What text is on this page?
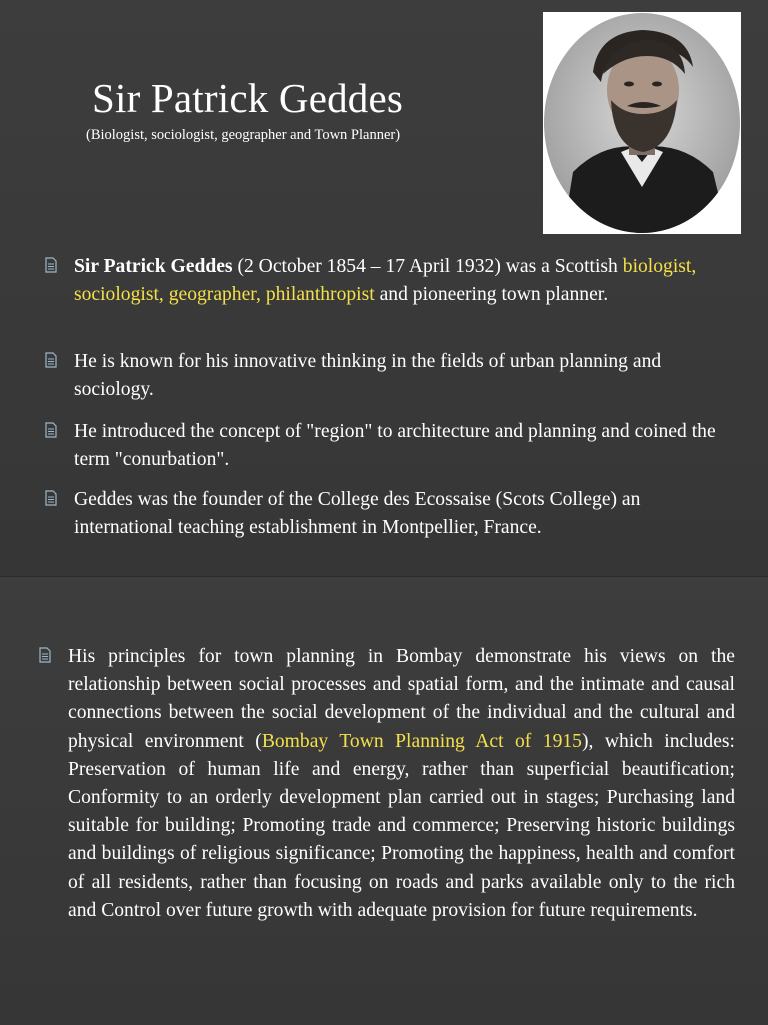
Sir Patrick Geddes
(Biologist, sociologist, geographer and Town Planner)
Sir Patrick Geddes (2 October 1854 – 17 April 1932) was a Scottish biologist, sociologist, geographer, philanthropist and pioneering town planner.
He is known for his innovative thinking in the fields of urban planning and sociology.
He introduced the concept of "region" to architecture and planning and coined the term "conurbation".
Geddes was the founder of the College des Ecossaise (Scots College) an international teaching establishment in Montpellier, France.
His principles for town planning in Bombay demonstrate his views on the relationship between social processes and spatial form, and the intimate and causal connections between the social development of the individual and the cultural and physical environment (Bombay Town Planning Act of 1915), which includes: Preservation of human life and energy, rather than superficial beautification; Conformity to an orderly development plan carried out in stages; Purchasing land suitable for building; Promoting trade and commerce; Preserving historic buildings and buildings of religious significance; Promoting the happiness, health and comfort of all residents, rather than focusing on roads and parks available only to the rich and Control over future growth with adequate provision for future requirements.
